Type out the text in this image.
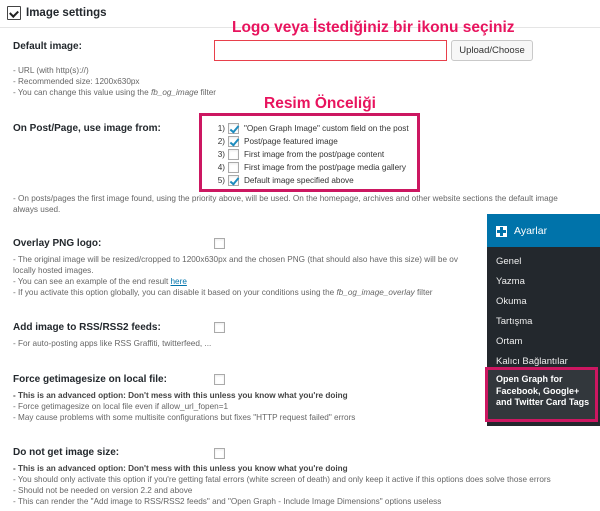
Image settings
Logo veya İstediğiniz bir ikonu seçiniz
Default image:	Upload/Choose
- URL (with http(s)://)
- Recommended size: 1200x630px
- You can change this value using the fb_og_image filter
Resim Önceliği
On Post/Page, use image from:	1) "Open Graph Image" custom field on the post
2) Post/page featured image
3) First image from the post/page content
4) First image from the post/page media gallery
5) Default image specified above
- On posts/pages the first image found, using the priority above, will be used. On the homepage, archives and other website sections the default image
always used.
Overlay PNG logo:
- The original image will be resized/cropped to 1200x630px and the chosen PNG (that should also have this size) will be ov
locally hosted images.
- You can see an example of the end result here
- If you activate this option globally, you can disable it based on your conditions using the fb_og_image_overlay filter
Add image to RSS/RSS2 feeds:
- For auto-posting apps like RSS Graffiti, twitterfeed, ...
Force getimagesize on local file:
- This is an advanced option: Don't mess with this unless you know what you're doing
- Force getimagesize on local file even if allow_url_fopen=1
- May cause problems with some multisite configurations but fixes "HTTP request failed" errors
Do not get image size:
- This is an advanced option: Don't mess with this unless you know what you're doing
- You should only activate this option if you're getting fatal errors (white screen of death) and only keep it active if this options does solve those errors
- Should not be needed on version 2.2 and above
- This can render the "Add image to RSS/RSS2 feeds" and "Open Graph - Include Image Dimensions" options useless
Ayarlar
Genel
Yazma
Okuma
Tartışma
Ortam
Kalıcı Bağlantılar
Open Graph for Facebook, Google+ and Twitter Card Tags
